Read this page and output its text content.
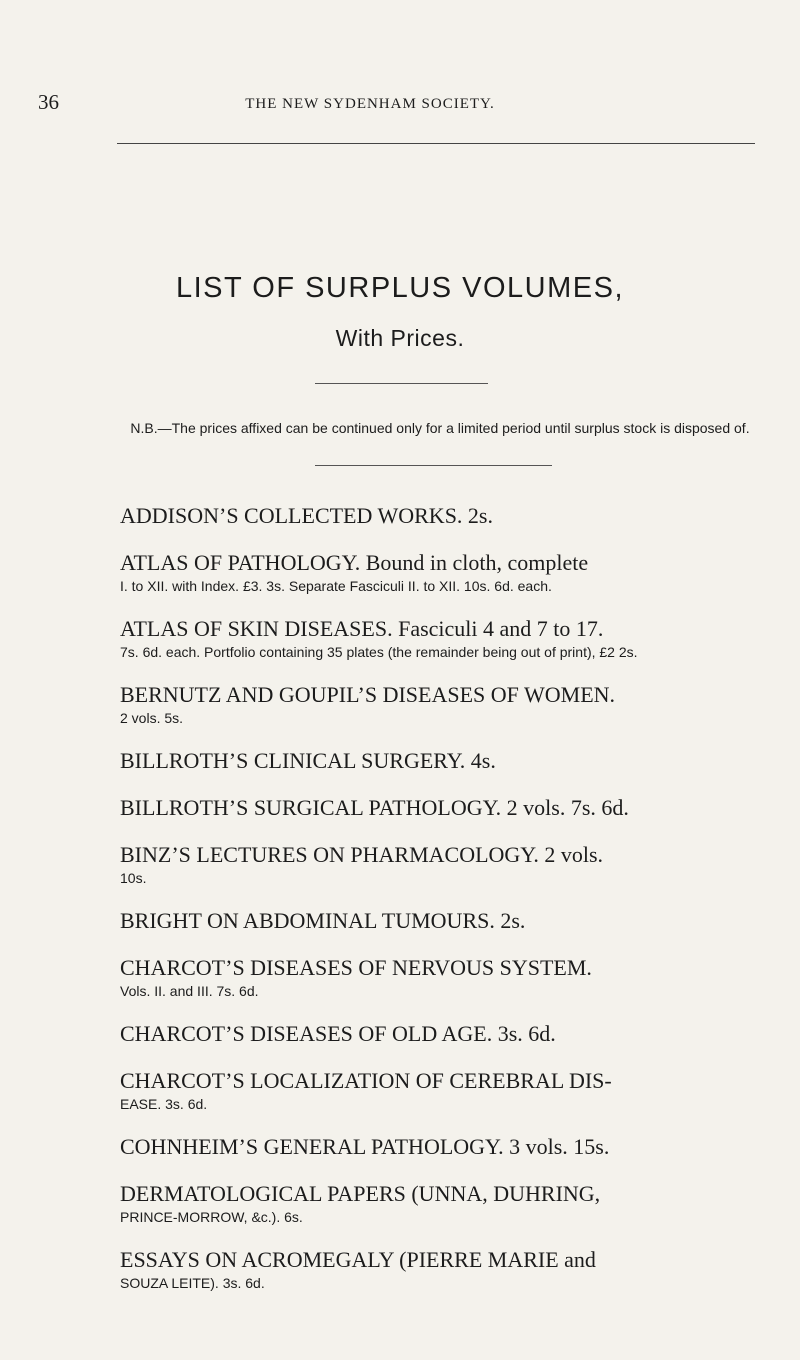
36	THE NEW SYDENHAM SOCIETY.
LIST OF SURPLUS VOLUMES,
With Prices.
N.B.—The prices affixed can be continued only for a limited period until surplus stock is disposed of.
ADDISON’S COLLECTED WORKS. 2s.
ATLAS OF PATHOLOGY. Bound in cloth, complete
I. to XII. with Index. £3. 3s. Separate Fasciculi II. to XII. 10s. 6d. each.
ATLAS OF SKIN DISEASES. Fasciculi 4 and 7 to 17.
7s. 6d. each. Portfolio containing 35 plates (the remainder being out of print), £2 2s.
BERNUTZ AND GOUPIL’S DISEASES OF WOMEN.
2 vols. 5s.
BILLROTH’S CLINICAL SURGERY. 4s.
BILLROTH’S SURGICAL PATHOLOGY. 2 vols. 7s. 6d.
BINZ’S LECTURES ON PHARMACOLOGY. 2 vols.
10s.
BRIGHT ON ABDOMINAL TUMOURS. 2s.
CHARCOT’S DISEASES OF NERVOUS SYSTEM.
Vols. II. and III. 7s. 6d.
CHARCOT’S DISEASES OF OLD AGE. 3s. 6d.
CHARCOT’S LOCALIZATION OF CEREBRAL DIS-
EASE. 3s. 6d.
COHNHEIM’S GENERAL PATHOLOGY. 3 vols. 15s.
DERMATOLOGICAL PAPERS (UNNA, DUHRING,
PRINCE-MORROW, &c.). 6s.
ESSAYS ON ACROMEGALY (PIERRE MARIE and
SOUZA LEITE). 3s. 6d.
